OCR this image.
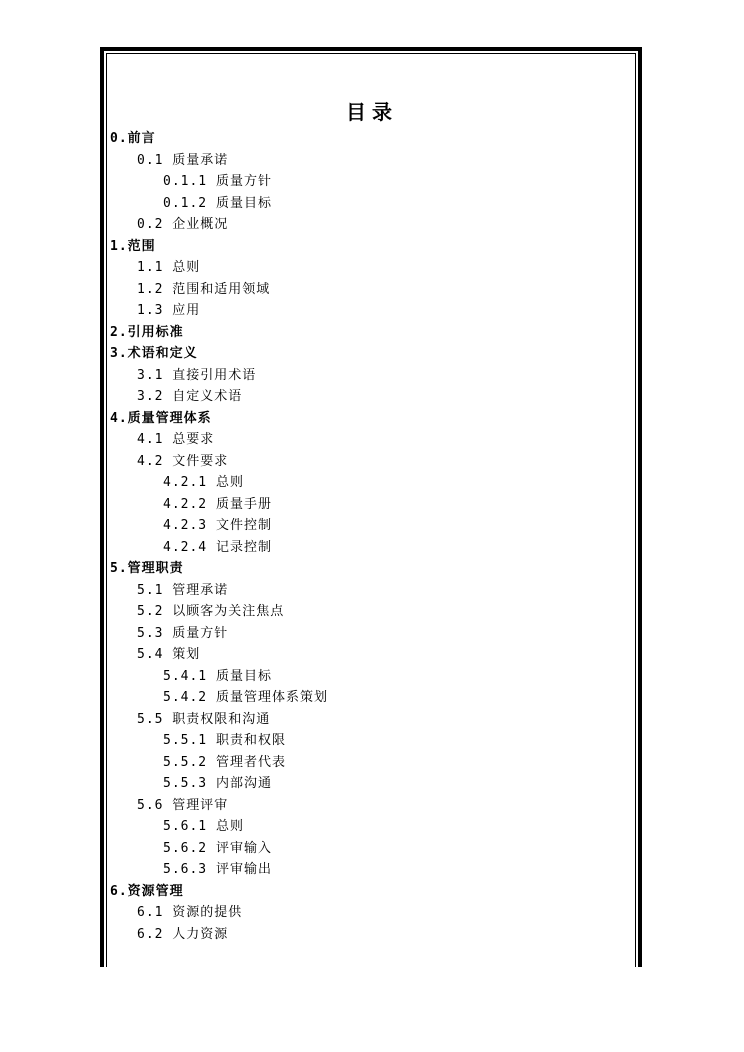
目录
0.前言
0.1 质量承诺
0.1.1 质量方针
0.1.2 质量目标
0.2 企业概况
1.范围
1.1 总则
1.2 范围和适用领域
1.3 应用
2.引用标准
3.术语和定义
3.1 直接引用术语
3.2 自定义术语
4.质量管理体系
4.1 总要求
4.2 文件要求
4.2.1 总则
4.2.2 质量手册
4.2.3 文件控制
4.2.4 记录控制
5.管理职责
5.1 管理承诺
5.2 以顾客为关注焦点
5.3 质量方针
5.4 策划
5.4.1 质量目标
5.4.2 质量管理体系策划
5.5 职责权限和沟通
5.5.1 职责和权限
5.5.2 管理者代表
5.5.3 内部沟通
5.6 管理评审
5.6.1 总则
5.6.2 评审输入
5.6.3 评审输出
6.资源管理
6.1 资源的提供
6.2 人力资源
